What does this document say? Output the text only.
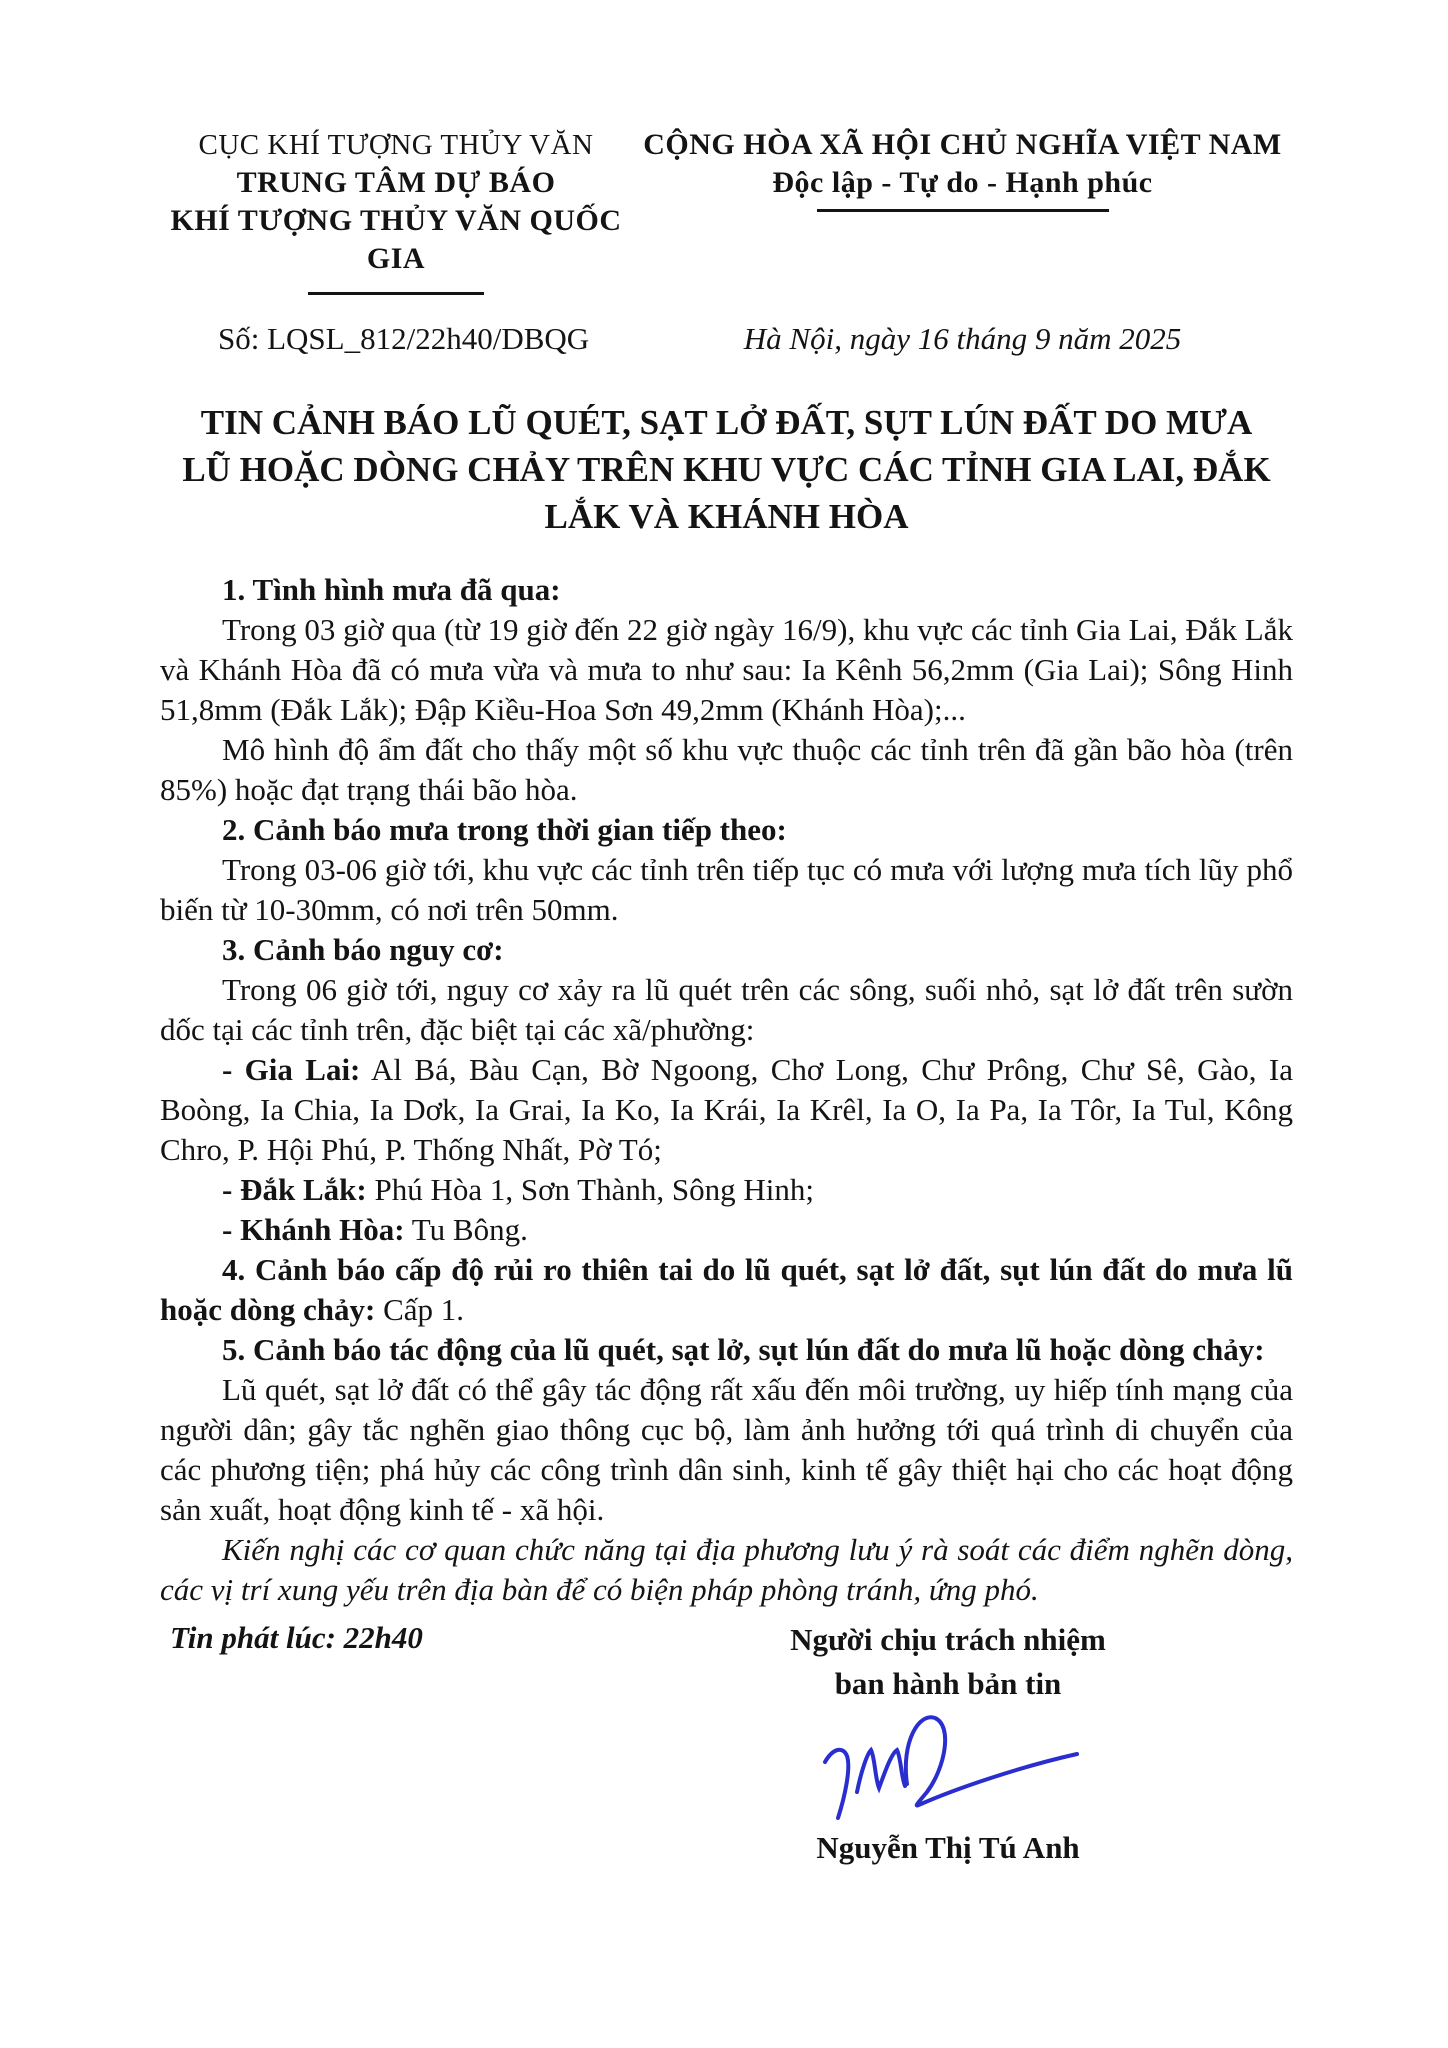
CỤC KHÍ TƯỢNG THỦY VĂN
TRUNG TÂM DỰ BÁO
KHÍ TƯỢNG THỦY VĂN QUỐC GIA
CỘNG HÒA XÃ HỘI CHỦ NGHĨA VIỆT NAM
Độc lập - Tự do - Hạnh phúc
Số: LQSL_812/22h40/DBQG	Hà Nội, ngày 16 tháng 9 năm 2025
TIN CẢNH BÁO LŨ QUÉT, SẠT LỞ ĐẤT, SỤT LÚN ĐẤT DO MƯA LŨ HOẶC DÒNG CHẢY TRÊN KHU VỰC CÁC TỈNH GIA LAI, ĐẮK LẮK VÀ KHÁNH HÒA

1. Tình hình mưa đã qua:

Trong 03 giờ qua (từ 19 giờ đến 22 giờ ngày 16/9), khu vực các tỉnh Gia Lai, Đắk Lắk và Khánh Hòa đã có mưa vừa và mưa to như sau: Ia Kênh 56,2mm (Gia Lai); Sông Hinh 51,8mm (Đắk Lắk); Đập Kiều-Hoa Sơn 49,2mm (Khánh Hòa);...

Mô hình độ ẩm đất cho thấy một số khu vực thuộc các tỉnh trên đã gần bão hòa (trên 85%) hoặc đạt trạng thái bão hòa.

2. Cảnh báo mưa trong thời gian tiếp theo:

Trong 03-06 giờ tới, khu vực các tỉnh trên tiếp tục có mưa với lượng mưa tích lũy phổ biến từ 10-30mm, có nơi trên 50mm.

3. Cảnh báo nguy cơ:

Trong 06 giờ tới, nguy cơ xảy ra lũ quét trên các sông, suối nhỏ, sạt lở đất trên sườn dốc tại các tỉnh trên, đặc biệt tại các xã/phường:

- Gia Lai: Al Bá, Bàu Cạn, Bờ Ngoong, Chơ Long, Chư Prông, Chư Sê, Gào, Ia Boòng, Ia Chia, Ia Dơk, Ia Grai, Ia Ko, Ia Krái, Ia Krêl, Ia O, Ia Pa, Ia Tôr, Ia Tul, Kông Chro, P. Hội Phú, P. Thống Nhất, Pờ Tó;

- Đắk Lắk: Phú Hòa 1, Sơn Thành, Sông Hinh;

- Khánh Hòa: Tu Bông.

4. Cảnh báo cấp độ rủi ro thiên tai do lũ quét, sạt lở đất, sụt lún đất do mưa lũ hoặc dòng chảy: Cấp 1.

5. Cảnh báo tác động của lũ quét, sạt lở, sụt lún đất do mưa lũ hoặc dòng chảy:

Lũ quét, sạt lở đất có thể gây tác động rất xấu đến môi trường, uy hiếp tính mạng của người dân; gây tắc nghẽn giao thông cục bộ, làm ảnh hưởng tới quá trình di chuyển của các phương tiện; phá hủy các công trình dân sinh, kinh tế gây thiệt hại cho các hoạt động sản xuất, hoạt động kinh tế - xã hội.

Kiến nghị các cơ quan chức năng tại địa phương lưu ý rà soát các điểm nghẽn dòng, các vị trí xung yếu trên địa bàn để có biện pháp phòng tránh, ứng phó.

Tin phát lúc: 22h40	Người chịu trách nhiệm
ban hành bản tin
Nguyễn Thị Tú Anh
